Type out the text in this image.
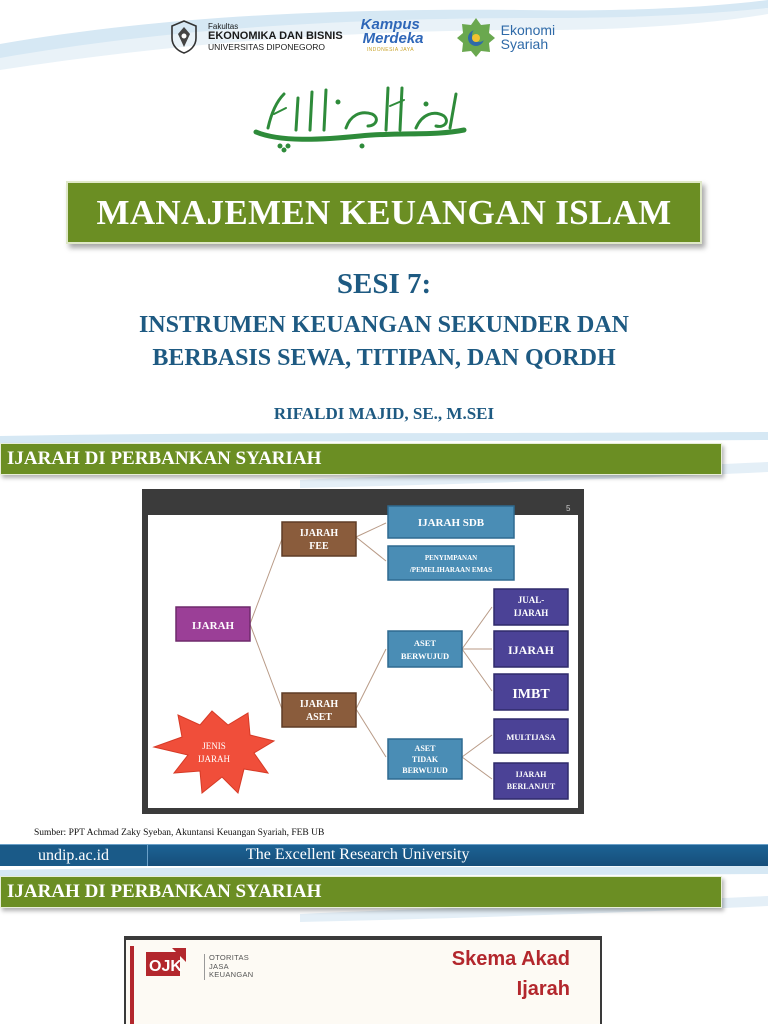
Fakultas
EKONOMIKA DAN BISNIS
UNIVERSITAS DIPONEGORO
Kampus
Merdeka
INDONESIA JAYA
Ekonomi
Syariah
MANAJEMEN KEUANGAN ISLAM
SESI 7:
INSTRUMEN KEUANGAN SEKUNDER DAN
BERBASIS SEWA, TITIPAN, DAN QORDH
RIFALDI MAJID, SE., M.SEI
IJARAH DI PERBANKAN SYARIAH
5
IJARAH
JENIS
IJARAH
IJARAH
FEE
IJARAH
ASET
IJARAH SDB
PENYIMPANAN
/PEMELIHARAAN EMAS
ASET
BERWUJUD
ASET
TIDAK
BERWUJUD
JUAL-
IJARAH
IJARAH
IMBT
MULTIJASA
IJARAH
BERLANJUT
Sumber: PPT Achmad Zaky Syeban, Akuntansi Keuangan Syariah, FEB UB
undip.ac.id	The Excellent Research University
IJARAH DI PERBANKAN SYARIAH
OJK
OTORITAS
JASA
KEUANGAN
Skema Akad
Ijarah
